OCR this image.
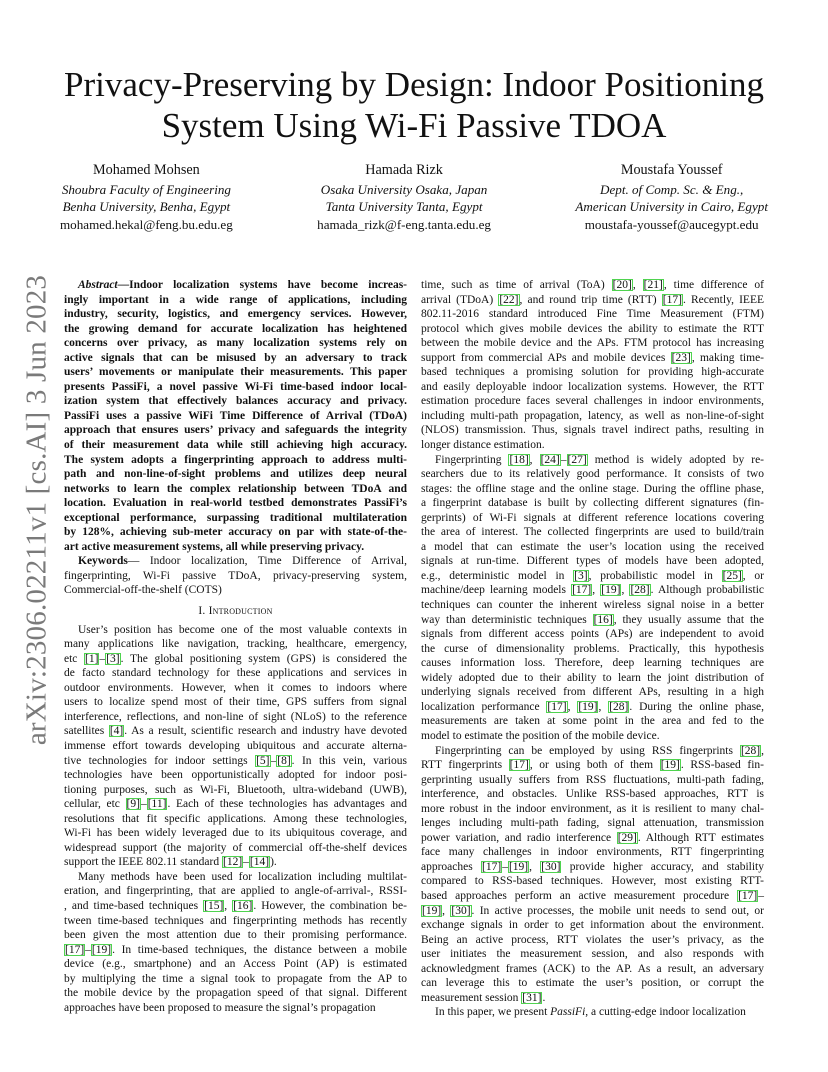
arXiv:2306.02211v1 [cs.AI] 3 Jun 2023
Privacy-Preserving by Design: Indoor Positioning
System Using Wi-Fi Passive TDOA
Mohamed Mohsen
Shoubra Faculty of Engineering
Benha University, Benha, Egypt
mohamed.hekal@feng.bu.edu.eg
Hamada Rizk
Osaka University Osaka, Japan
Tanta University Tanta, Egypt
hamada_rizk@f-eng.tanta.edu.eg
Moustafa Youssef
Dept. of Comp. Sc. & Eng.,
American University in Cairo, Egypt
moustafa-youssef@aucegypt.edu
Abstract—Indoor localization systems have become increas-
ingly important in a wide range of applications, including
industry, security, logistics, and emergency services. However,
the growing demand for accurate localization has heightened
concerns over privacy, as many localization systems rely on
active signals that can be misused by an adversary to track
users’ movements or manipulate their measurements. This paper
presents PassiFi, a novel passive Wi-Fi time-based indoor local-
ization system that effectively balances accuracy and privacy.
PassiFi uses a passive WiFi Time Difference of Arrival (TDoA)
approach that ensures users’ privacy and safeguards the integrity
of their measurement data while still achieving high accuracy.
The system adopts a fingerprinting approach to address multi-
path and non-line-of-sight problems and utilizes deep neural
networks to learn the complex relationship between TDoA and
location. Evaluation in real-world testbed demonstrates PassiFi’s
exceptional performance, surpassing traditional multilateration
by 128%, achieving sub-meter accuracy on par with state-of-the-
art active measurement systems, all while preserving privacy.
Keywords— Indoor localization, Time Difference of Arrival,
fingerprinting, Wi-Fi passive TDoA, privacy-preserving system,
Commercial-off-the-shelf (COTS)
I. Introduction
User’s position has become one of the most valuable contexts in
many applications like navigation, tracking, healthcare, emergency,
etc [1]–[3]. The global positioning system (GPS) is considered the
de facto standard technology for these applications and services in
outdoor environments. However, when it comes to indoors where
users to localize spend most of their time, GPS suffers from signal
interference, reflections, and non-line of sight (NLoS) to the reference
satellites [4]. As a result, scientific research and industry have devoted
immense effort towards developing ubiquitous and accurate alterna-
tive technologies for indoor settings [5]–[8]. In this vein, various
technologies have been opportunistically adopted for indoor posi-
tioning purposes, such as Wi-Fi, Bluetooth, ultra-wideband (UWB),
cellular, etc [9]–[11]. Each of these technologies has advantages and
resolutions that fit specific applications. Among these technologies,
Wi-Fi has been widely leveraged due to its ubiquitous coverage, and
widespread support (the majority of commercial off-the-shelf devices
support the IEEE 802.11 standard [12]–[14]).
Many methods have been used for localization including multilat-
eration, and fingerprinting, that are applied to angle-of-arrival-, RSSI-
, and time-based techniques [15], [16]. However, the combination be-
tween time-based techniques and fingerprinting methods has recently
been given the most attention due to their promising performance.
[17]–[19]. In time-based techniques, the distance between a mobile
device (e.g., smartphone) and an Access Point (AP) is estimated
by multiplying the time a signal took to propagate from the AP to
the mobile device by the propagation speed of that signal. Different
approaches have been proposed to measure the signal’s propagation
time, such as time of arrival (ToA) [20], [21], time difference of
arrival (TDoA) [22], and round trip time (RTT) [17]. Recently, IEEE
802.11-2016 standard introduced Fine Time Measurement (FTM)
protocol which gives mobile devices the ability to estimate the RTT
between the mobile device and the APs. FTM protocol has increasing
support from commercial APs and mobile devices [23], making time-
based techniques a promising solution for providing high-accurate
and easily deployable indoor localization systems. However, the RTT
estimation procedure faces several challenges in indoor environments,
including multi-path propagation, latency, as well as non-line-of-sight
(NLOS) transmission. Thus, signals travel indirect paths, resulting in
longer distance estimation.
Fingerprinting [18], [24]–[27] method is widely adopted by re-
searchers due to its relatively good performance. It consists of two
stages: the offline stage and the online stage. During the offline phase,
a fingerprint database is built by collecting different signatures (fin-
gerprints) of Wi-Fi signals at different reference locations covering
the area of interest. The collected fingerprints are used to build/train
a model that can estimate the user’s location using the received
signals at run-time. Different types of models have been adopted,
e.g., deterministic model in [3], probabilistic model in [25], or
machine/deep learning models [17], [19], [28]. Although probabilistic
techniques can counter the inherent wireless signal noise in a better
way than deterministic techniques [16], they usually assume that the
signals from different access points (APs) are independent to avoid
the curse of dimensionality problems. Practically, this hypothesis
causes information loss. Therefore, deep learning techniques are
widely adopted due to their ability to learn the joint distribution of
underlying signals received from different APs, resulting in a high
localization performance [17], [19], [28]. During the online phase,
measurements are taken at some point in the area and fed to the
model to estimate the position of the mobile device.
Fingerprinting can be employed by using RSS fingerprints [28],
RTT fingerprints [17], or using both of them [19]. RSS-based fin-
gerprinting usually suffers from RSS fluctuations, multi-path fading,
interference, and obstacles. Unlike RSS-based approaches, RTT is
more robust in the indoor environment, as it is resilient to many chal-
lenges including multi-path fading, signal attenuation, transmission
power variation, and radio interference [29]. Although RTT estimates
face many challenges in indoor environments, RTT fingerprinting
approaches [17]–[19], [30] provide higher accuracy, and stability
compared to RSS-based techniques. However, most existing RTT-
based approaches perform an active measurement procedure [17]–
[19], [30]. In active processes, the mobile unit needs to send out, or
exchange signals in order to get information about the environment.
Being an active process, RTT violates the user’s privacy, as the
user initiates the measurement session, and also responds with
acknowledgment frames (ACK) to the AP. As a result, an adversary
can leverage this to estimate the user’s position, or corrupt the
measurement session [31].

In this paper, we present PassiFi, a cutting-edge indoor localization
